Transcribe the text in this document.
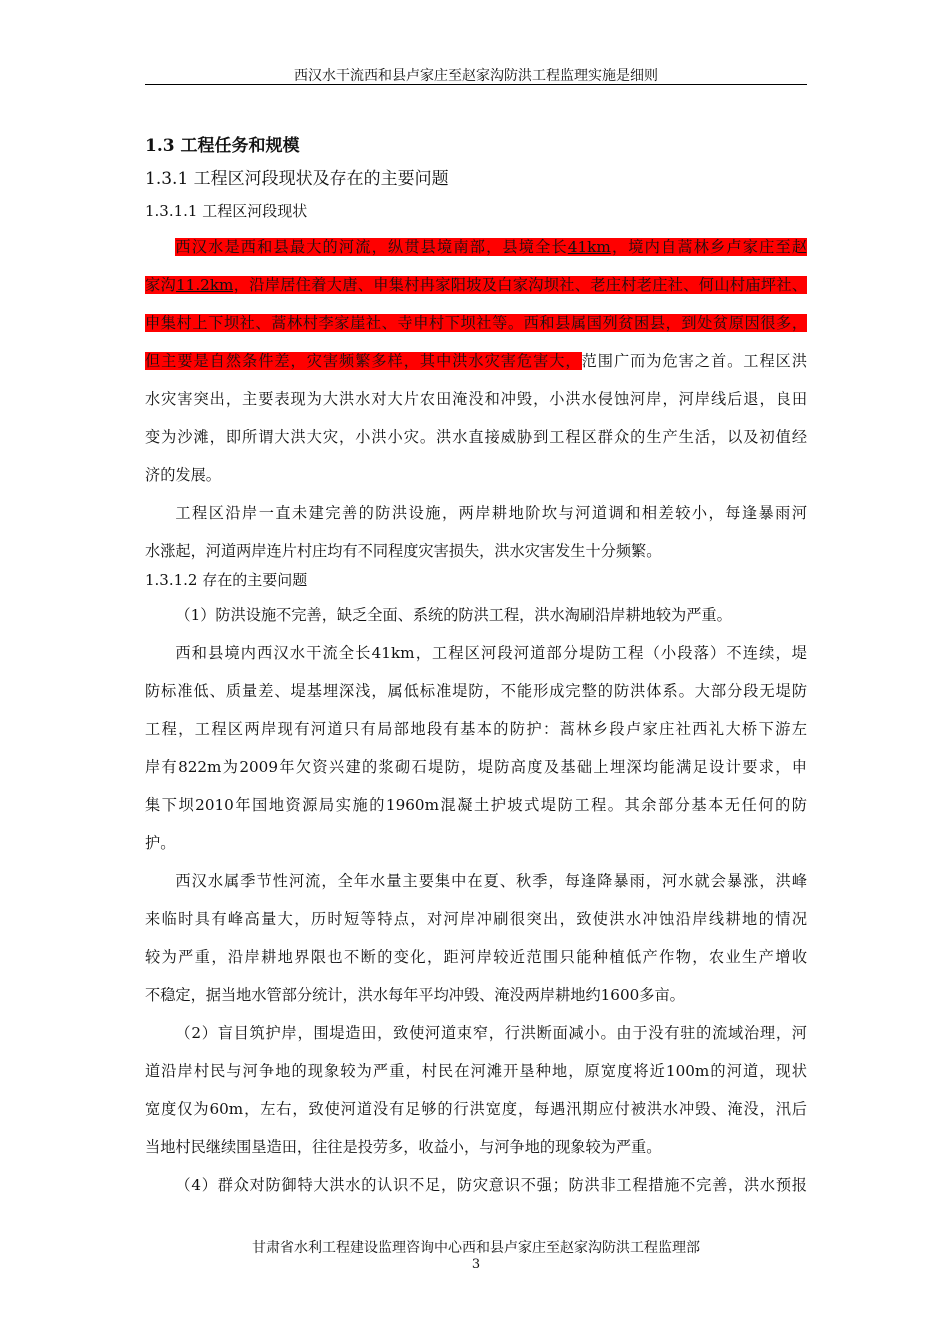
西汉水干流西和县卢家庄至赵家沟防洪工程监理实施是细则
1.3 工程任务和规模
1.3.1 工程区河段现状及存在的主要问题
1.3.1.1 工程区河段现状
西汉水是西和县最大的河流，纵贯县境南部，县境全长41km，境内自蒿林乡卢家庄至赵
家沟11.2km，沿岸居住着大唐、申集村冉家阳坡及白家沟坝社、老庄村老庄社、何山村庙坪社、
申集村上下坝社、蒿林村李家崖社、寺申村下坝社等。西和县属国列贫困县，到处贫原因很多，
但主要是自然条件差，灾害频繁多样，其中洪水灾害危害大，范围广而为危害之首。工程区洪
水灾害突出，主要表现为大洪水对大片农田淹没和冲毁，小洪水侵蚀河岸，河岸线后退，良田
变为沙滩，即所谓大洪大灾，小洪小灾。洪水直接威胁到工程区群众的生产生活，以及初值经
济的发展。
工程区沿岸一直未建完善的防洪设施，两岸耕地阶坎与河道调和相差较小，每逢暴雨河
水涨起，河道两岸连片村庄均有不同程度灾害损失，洪水灾害发生十分频繁。
1.3.1.2 存在的主要问题
（1）防洪设施不完善，缺乏全面、系统的防洪工程，洪水淘刷沿岸耕地较为严重。
西和县境内西汉水干流全长41km，工程区河段河道部分堤防工程（小段落）不连续，堤
防标准低、质量差、堤基埋深浅，属低标准堤防，不能形成完整的防洪体系。大部分段无堤防
工程，工程区两岸现有河道只有局部地段有基本的防护：蒿林乡段卢家庄社西礼大桥下游左
岸有822m为2009年欠资兴建的浆砌石堤防，堤防高度及基础上埋深均能满足设计要求，申
集下坝2010年国地资源局实施的1960m混凝土护坡式堤防工程。其余部分基本无任何的防
护。
西汉水属季节性河流，全年水量主要集中在夏、秋季，每逢降暴雨，河水就会暴涨，洪峰
来临时具有峰高量大，历时短等特点，对河岸冲刷很突出，致使洪水冲蚀沿岸线耕地的情况
较为严重，沿岸耕地界限也不断的变化，距河岸较近范围只能种植低产作物，农业生产增收
不稳定，据当地水管部分统计，洪水每年平均冲毁、淹没两岸耕地约1600多亩。
（2）盲目筑护岸，围堤造田，致使河道束窄，行洪断面减小。由于没有驻的流域治理，河
道沿岸村民与河争地的现象较为严重，村民在河滩开垦种地，原宽度将近100m的河道，现状
宽度仅为60m，左右，致使河道没有足够的行洪宽度，每遇汛期应付被洪水冲毁、淹没，汛后
当地村民继续围垦造田，往往是投劳多，收益小，与河争地的现象较为严重。
（4）群众对防御特大洪水的认识不足，防灾意识不强；防洪非工程措施不完善，洪水预报
甘肃省水利工程建设监理咨询中心西和县卢家庄至赵家沟防洪工程监理部
3
